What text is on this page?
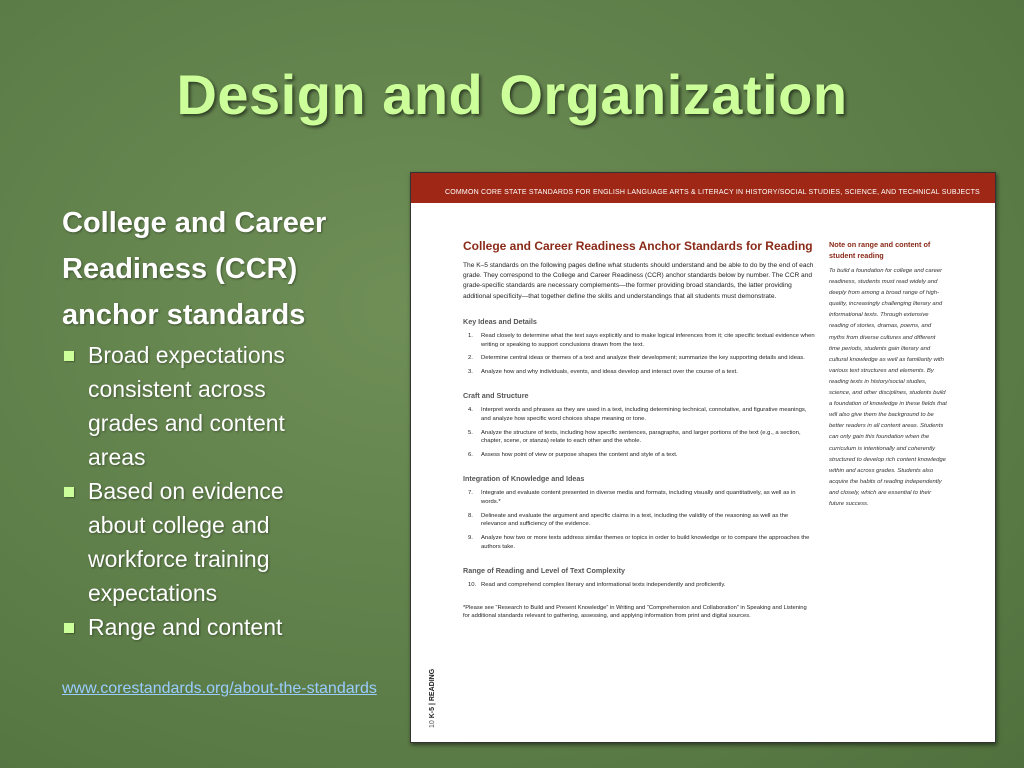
Design and Organization

College and Career
Readiness (CCR)
anchor standards

Broad expectations
consistent across
grades and content
areas
Based on evidence
about college and
workforce training
expectations
Range and content
www.corestandards.org/about-the-standards
COMMON CORE STATE STANDARDS FOR ENGLISH LANGUAGE ARTS & LITERACY IN HISTORY/SOCIAL STUDIES, SCIENCE, AND TECHNICAL SUBJECTS

College and Career Readiness Anchor Standards for Reading

The K–5 standards on the following pages define what students should understand and be able to do by the end of each grade. They correspond to the College and Career Readiness (CCR) anchor standards below by number. The CCR and grade-specific standards are necessary complements—the former providing broad standards, the latter providing additional specificity—that together define the skills and understandings that all students must demonstrate.

Key Ideas and Details

1. Read closely to determine what the text says explicitly and to make logical inferences from it; cite specific textual evidence when writing or speaking to support conclusions drawn from the text.
2. Determine central ideas or themes of a text and analyze their development; summarize the key supporting details and ideas.
3. Analyze how and why individuals, events, and ideas develop and interact over the course of a text.

Craft and Structure

4. Interpret words and phrases as they are used in a text, including determining technical, connotative, and figurative meanings, and analyze how specific word choices shape meaning or tone.
5. Analyze the structure of texts, including how specific sentences, paragraphs, and larger portions of the text (e.g., a section, chapter, scene, or stanza) relate to each other and the whole.
6. Assess how point of view or purpose shapes the content and style of a text.

Integration of Knowledge and Ideas

7. Integrate and evaluate content presented in diverse media and formats, including visually and quantitatively, as well as in words.*
8. Delineate and evaluate the argument and specific claims in a text, including the validity of the reasoning as well as the relevance and sufficiency of the evidence.
9. Analyze how two or more texts address similar themes or topics in order to build knowledge or to compare the approaches the authors take.

Range of Reading and Level of Text Complexity

10. Read and comprehend complex literary and informational texts independently and proficiently.

*Please see “Research to Build and Present Knowledge” in Writing and “Comprehension and Collaboration” in Speaking and Listening for additional standards relevant to gathering, assessing, and applying information from print and digital sources.

Note on range and content of student reading

To build a foundation for college and career readiness, students must read widely and deeply from among a broad range of high-quality, increasingly challenging literary and informational texts. Through extensive reading of stories, dramas, poems, and myths from diverse cultures and different time periods, students gain literary and cultural knowledge as well as familiarity with various text structures and elements. By reading texts in history/social studies, science, and other disciplines, students build a foundation of knowledge in these fields that will also give them the background to be better readers in all content areas. Students can only gain this foundation when the curriculum is intentionally and coherently structured to develop rich content knowledge within and across grades. Students also acquire the habits of reading independently and closely, which are essential to their future success.

10 K-5 | READING
